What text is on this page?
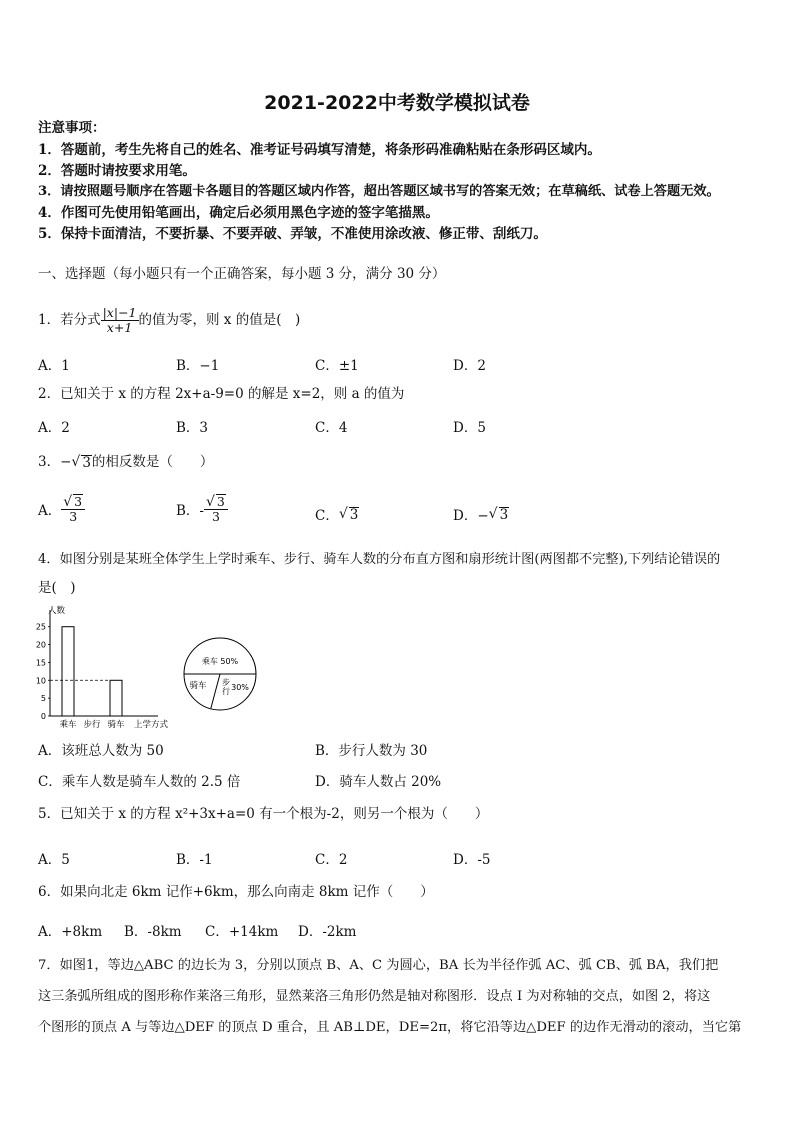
2021-2022中考数学模拟试卷
注意事项：
1．答题前，考生先将自己的姓名、准考证号码填写清楚，将条形码准确粘贴在条形码区域内。
2．答题时请按要求用笔。
3．请按照题号顺序在答题卡各题目的答题区域内作答，超出答题区域书写的答案无效；在草稿纸、试卷上答题无效。
4．作图可先使用铅笔画出，确定后必须用黑色字迹的签字笔描黑。
5．保持卡面清洁，不要折暴、不要弄破、弄皱，不准使用涂改液、修正带、刮纸刀。
一、选择题（每小题只有一个正确答案，每小题 3 分，满分 30 分）
1．若分式 $\frac{|x|-1}{x+1}$ 的值为零，则 x 的值是(　)
A．1	B．−1	C．±1	D．2
2．已知关于 x 的方程 2x+a-9=0 的解是 x=2，则 a 的值为
A．2	B．3	C．4	D．5
3．− √ 3 的相反数是（　　）
A． $\frac{√ 3}{3}$	B．- $\frac{√ 3}{3}$	C． √ 3	D．− √ 3
4．如图分别是某班全体学生上学时乘车、步行、骑车人数的分布直方图和扇形统计图(两图都不完整),下列结论错误的
是(　)
人数
0
5
10
15
20
25
乘车 步行 骑车 上学方式
乘车 50%
骑车 步
行 30%
A．该班总人数为 50	B．步行人数为 30
C．乘车人数是骑车人数的 2.5 倍	D．骑车人数占 20%
5．已知关于 x 的方程 x²+3x+a=0 有一个根为-2，则另一个根为（　　）
A．5	B．-1	C．2	D．-5
6．如果向北走 6km 记作+6km，那么向南走 8km 记作（　　）
A．+8km B．-8km C．+14km D．-2km
7．如图1，等边△ABC 的边长为 3，分别以顶点 B、A、C 为圆心，BA 长为半径作弧 AC、弧 CB、弧 BA，我们把
这三条弧所组成的图形称作莱洛三角形，显然莱洛三角形仍然是轴对称图形．设点 I 为对称轴的交点，如图 2，将这
个图形的顶点 A 与等边△DEF 的顶点 D 重合，且 AB⊥DE，DE=2π，将它沿等边△DEF 的边作无滑动的滚动，当它第
